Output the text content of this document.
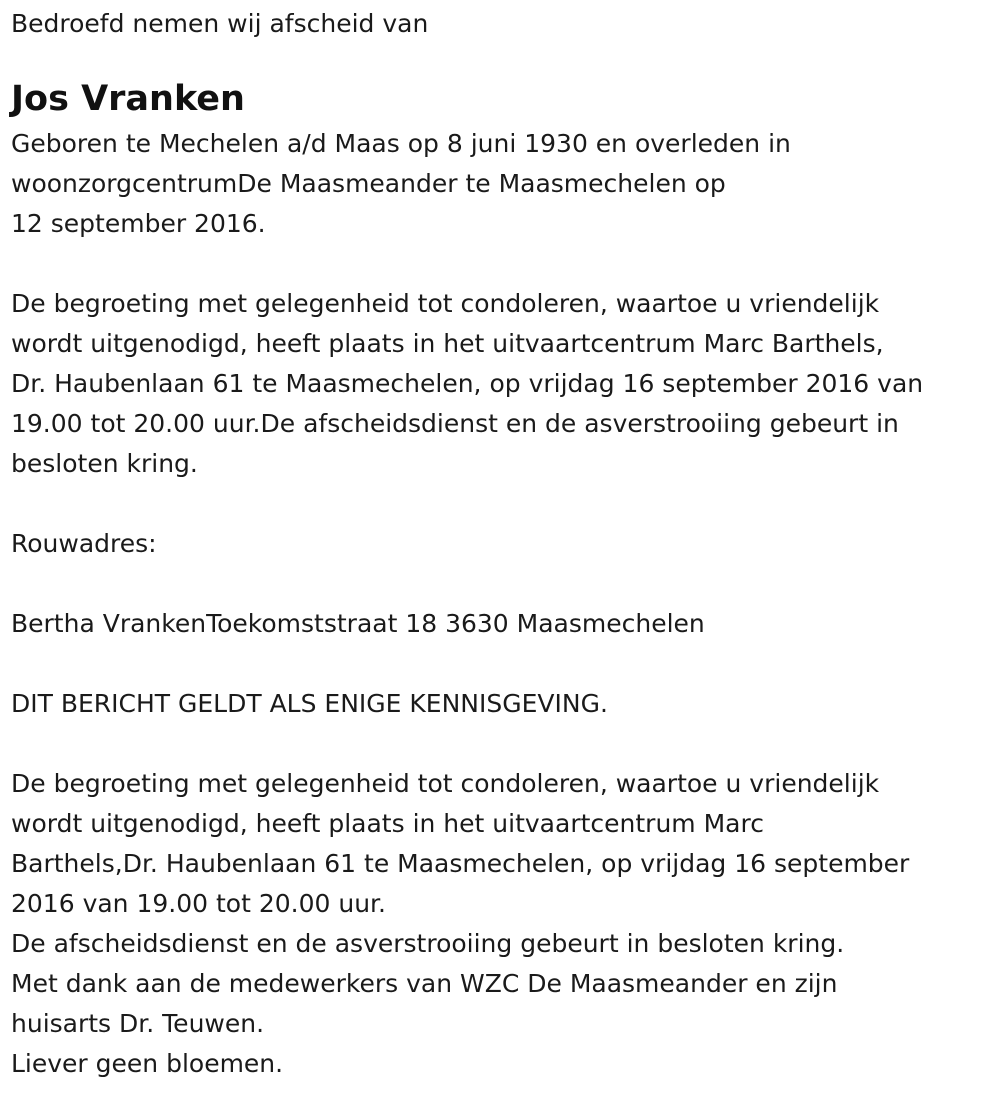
Bedroefd nemen wij afscheid van
Jos Vranken
Geboren te Mechelen a/d Maas op 8 juni 1930 en overleden in
woonzorgcentrumDe Maasmeander te Maasmechelen op
12 september 2016.
De begroeting met gelegenheid tot condoleren, waartoe u vriendelijk
wordt uitgenodigd, heeft plaats in het uitvaartcentrum Marc Barthels,
Dr. Haubenlaan 61 te Maasmechelen, op vrijdag 16 september 2016 van
19.00 tot 20.00 uur.De afscheidsdienst en de asverstrooiing gebeurt in
besloten kring.
Rouwadres:
Bertha VrankenToekomststraat 18 3630 Maasmechelen
DIT BERICHT GELDT ALS ENIGE KENNISGEVING.
De begroeting met gelegenheid tot condoleren, waartoe u vriendelijk
wordt uitgenodigd, heeft plaats in het uitvaartcentrum Marc
Barthels,Dr. Haubenlaan 61 te Maasmechelen, op vrijdag 16 september
2016 van 19.00 tot 20.00 uur.
De afscheidsdienst en de asverstrooiing gebeurt in besloten kring.
Met dank aan de medewerkers van WZC De Maasmeander en zijn
huisarts Dr. Teuwen.
Liever geen bloemen.
